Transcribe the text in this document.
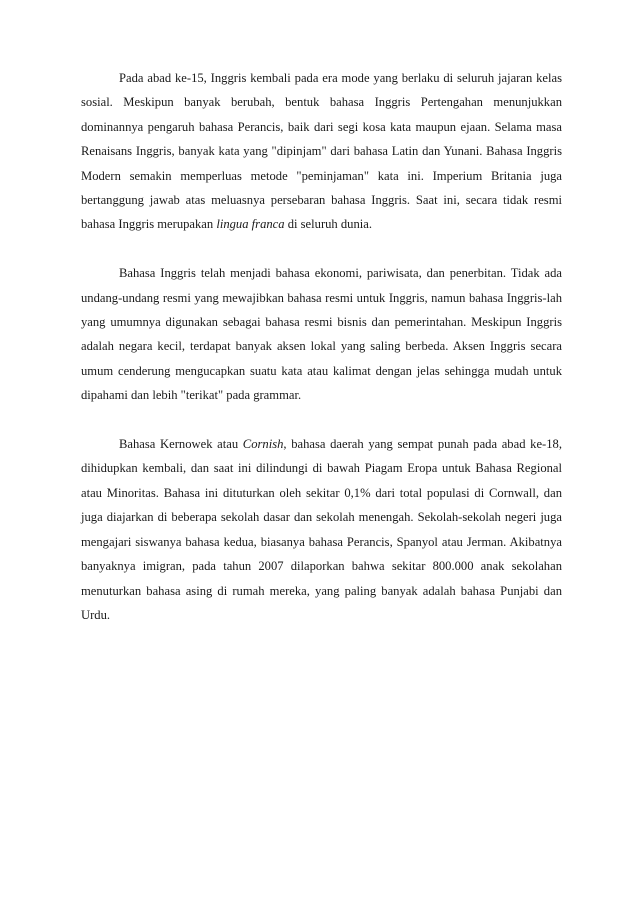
Pada abad ke-15, Inggris kembali pada era mode yang berlaku di seluruh jajaran kelas sosial. Meskipun banyak berubah, bentuk bahasa Inggris Pertengahan menunjukkan dominannya pengaruh bahasa Perancis, baik dari segi kosa kata maupun ejaan. Selama masa Renaisans Inggris, banyak kata yang "dipinjam" dari bahasa Latin dan Yunani. Bahasa Inggris Modern semakin memperluas metode "peminjaman" kata ini. Imperium Britania juga bertanggung jawab atas meluasnya persebaran bahasa Inggris. Saat ini, secara tidak resmi bahasa Inggris merupakan lingua franca di seluruh dunia.

Bahasa Inggris telah menjadi bahasa ekonomi, pariwisata, dan penerbitan. Tidak ada undang-undang resmi yang mewajibkan bahasa resmi untuk Inggris, namun bahasa Inggris-lah yang umumnya digunakan sebagai bahasa resmi bisnis dan pemerintahan. Meskipun Inggris adalah negara kecil, terdapat banyak aksen lokal yang saling berbeda. Aksen Inggris secara umum cenderung mengucapkan suatu kata atau kalimat dengan jelas sehingga mudah untuk dipahami dan lebih "terikat" pada grammar.

Bahasa Kernowek atau Cornish, bahasa daerah yang sempat punah pada abad ke-18, dihidupkan kembali, dan saat ini dilindungi di bawah Piagam Eropa untuk Bahasa Regional atau Minoritas. Bahasa ini dituturkan oleh sekitar 0,1% dari total populasi di Cornwall, dan juga diajarkan di beberapa sekolah dasar dan sekolah menengah. Sekolah-sekolah negeri juga mengajari siswanya bahasa kedua, biasanya bahasa Perancis, Spanyol atau Jerman. Akibatnya banyaknya imigran, pada tahun 2007 dilaporkan bahwa sekitar 800.000 anak sekolahan menuturkan bahasa asing di rumah mereka, yang paling banyak adalah bahasa Punjabi dan Urdu.
